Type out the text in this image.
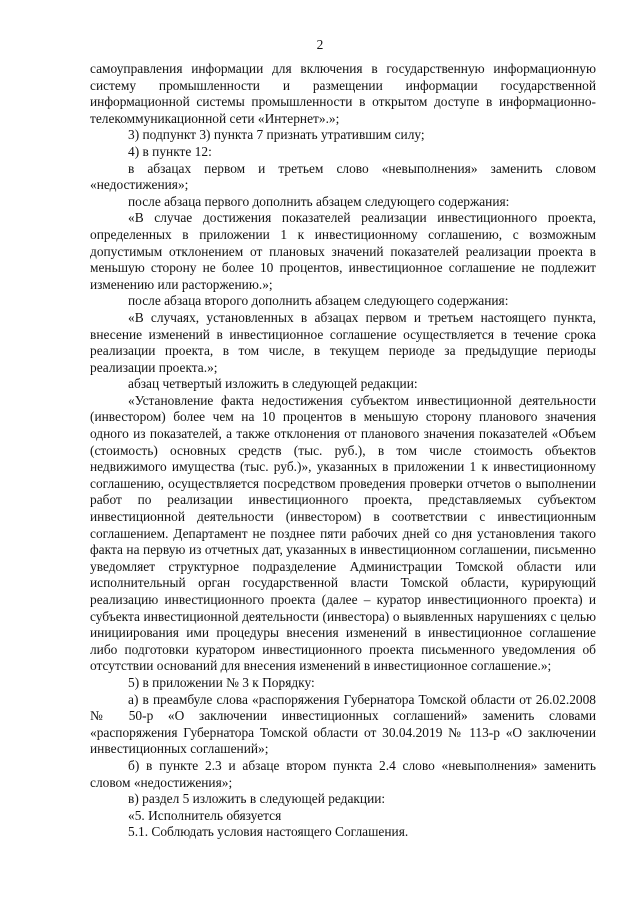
2

самоуправления информации для включения в государственную информационную систему промышленности и размещении информации государственной информационной системы промышленности в открытом доступе в информационно-телекоммуникационной сети «Интернет».»;

3) подпункт 3) пункта 7 признать утратившим силу;

4) в пункте 12:

в абзацах первом и третьем слово «невыполнения» заменить словом «недостижения»;

после абзаца первого дополнить абзацем следующего содержания:

«В случае достижения показателей реализации инвестиционного проекта, определенных в приложении 1 к инвестиционному соглашению, с возможным допустимым отклонением от плановых значений показателей реализации проекта в меньшую сторону не более 10 процентов, инвестиционное соглашение не подлежит изменению или расторжению.»;

после абзаца второго дополнить абзацем следующего содержания:

«В случаях, установленных в абзацах первом и третьем настоящего пункта, внесение изменений в инвестиционное соглашение осуществляется в течение срока реализации проекта, в том числе, в текущем периоде за предыдущие периоды реализации проекта.»;

абзац четвертый изложить в следующей редакции:

«Установление факта недостижения субъектом инвестиционной деятельности (инвестором) более чем на 10 процентов в меньшую сторону планового значения одного из показателей, а также отклонения от планового значения показателей «Объем (стоимость) основных средств (тыс. руб.), в том числе стоимость объектов недвижимого имущества (тыс. руб.)», указанных в приложении 1 к инвестиционному соглашению, осуществляется посредством проведения проверки отчетов о выполнении работ по реализации инвестиционного проекта, представляемых субъектом инвестиционной деятельности (инвестором) в соответствии с инвестиционным соглашением. Департамент не позднее пяти рабочих дней со дня установления такого факта на первую из отчетных дат, указанных в инвестиционном соглашении, письменно уведомляет структурное подразделение Администрации Томской области или исполнительный орган государственной власти Томской области, курирующий реализацию инвестиционного проекта (далее – куратор инвестиционного проекта) и субъекта инвестиционной деятельности (инвестора) о выявленных нарушениях с целью инициирования ими процедуры внесения изменений в инвестиционное соглашение либо подготовки куратором инвестиционного проекта письменного уведомления об отсутствии оснований для внесения изменений в инвестиционное соглашение.»;

5) в приложении № 3 к Порядку:

а) в преамбуле слова «распоряжения Губернатора Томской области от 26.02.2008 № 50-р «О заключении инвестиционных соглашений» заменить словами «распоряжения Губернатора Томской области от 30.04.2019 № 113-р «О заключении инвестиционных соглашений»;

б) в пункте 2.3 и абзаце втором пункта 2.4 слово «невыполнения» заменить словом «недостижения»;

в) раздел 5 изложить в следующей редакции:

«5. Исполнитель обязуется

5.1. Соблюдать условия настоящего Соглашения.
